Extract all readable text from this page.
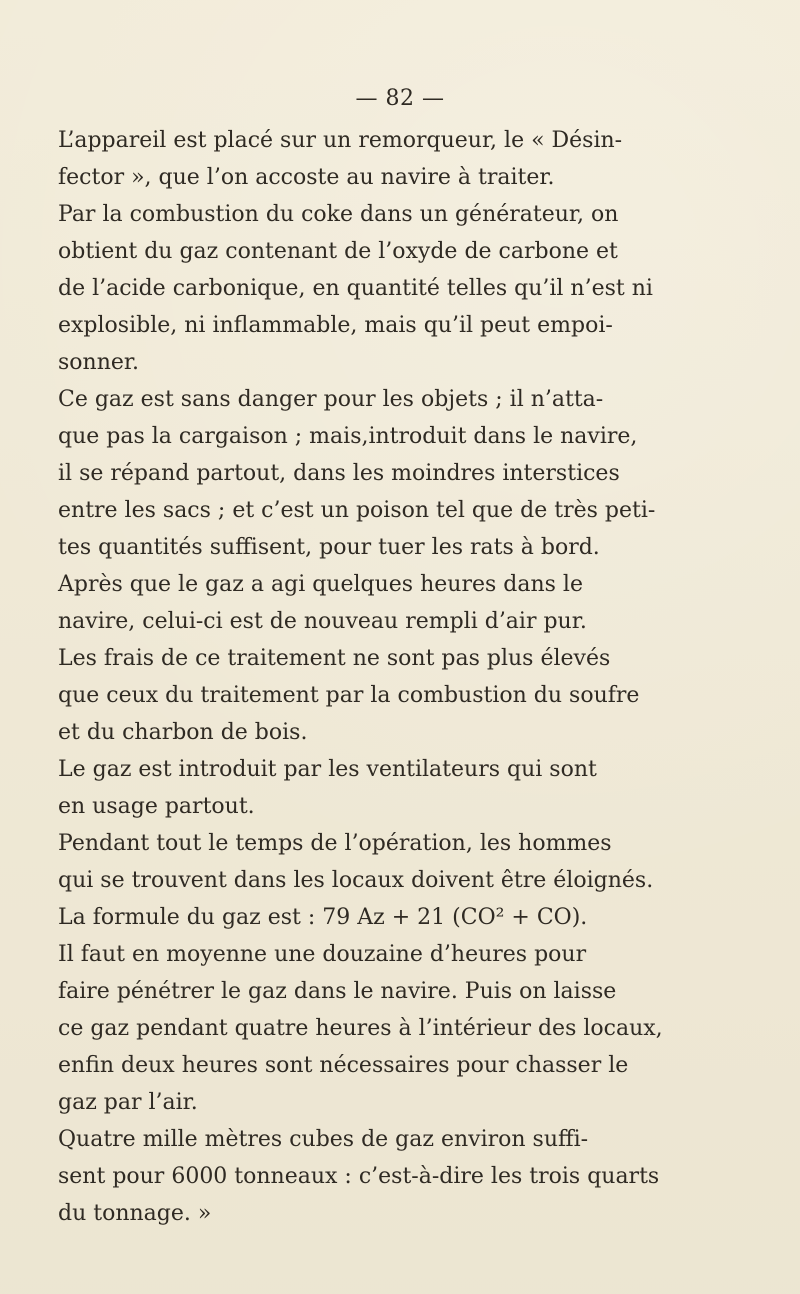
— 82 —
L’appareil est placé sur un remorqueur, le « Désin-
fector », que l’on accoste au navire à traiter.
Par la combustion du coke dans un générateur, on
obtient du gaz contenant de l’oxyde de carbone et
de l’acide carbonique, en quantité telles qu’il n’est ni
explosible, ni inflammable, mais qu’il peut empoi-
sonner.
Ce gaz est sans danger pour les objets ; il n’atta-
que pas la cargaison ; mais,introduit dans le navire,
il se répand partout, dans les moindres interstices
entre les sacs ; et c’est un poison tel que de très peti-
tes quantités suffisent, pour tuer les rats à bord.
Après que le gaz a agi quelques heures dans le
navire, celui-ci est de nouveau rempli d’air pur.
Les frais de ce traitement ne sont pas plus élevés
que ceux du traitement par la combustion du soufre
et du charbon de bois.
Le gaz est introduit par les ventilateurs qui sont
en usage partout.
Pendant tout le temps de l’opération, les hommes
qui se trouvent dans les locaux doivent être éloignés.
La formule du gaz est : 79 Az + 21 (CO² + CO).
Il faut en moyenne une douzaine d’heures pour
faire pénétrer le gaz dans le navire. Puis on laisse
ce gaz pendant quatre heures à l’intérieur des locaux,
enfin deux heures sont nécessaires pour chasser le
gaz par l’air.
Quatre mille mètres cubes de gaz environ suffi-
sent pour 6000 tonneaux : c’est-à-dire les trois quarts
du tonnage. »
